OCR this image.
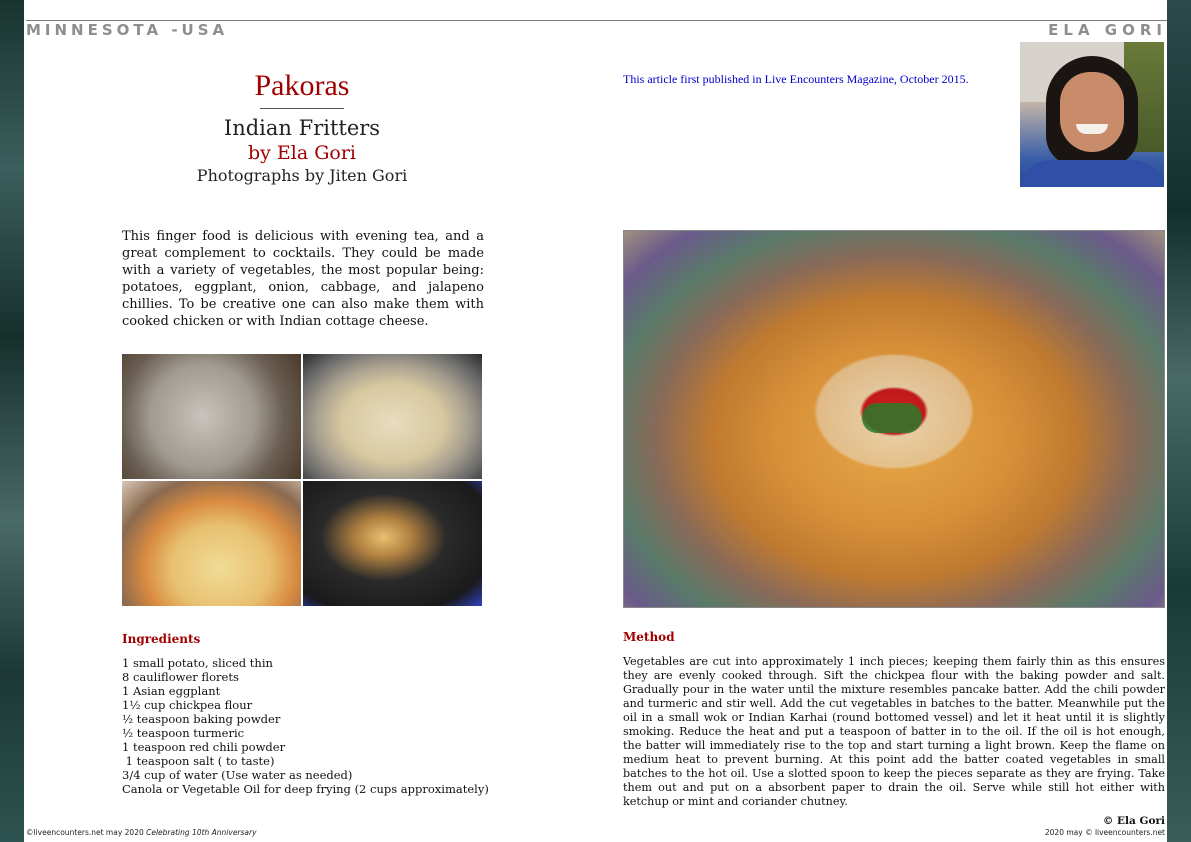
MINNESOTA -USA	ELA GORI
Pakoras
Indian Fritters
by Ela Gori
Photographs by Jiten Gori
This article first published in Live Encounters Magazine, October 2015.

This finger food is delicious with evening tea, and a great complement to cocktails. They could be made with a variety of vegetables, the most popular being: potatoes, eggplant, onion, cabbage, and jalapeno chillies. To be creative one can also make them with cooked chicken or with Indian cottage cheese.

Ingredients
1 small potato, sliced thin
8 cauliflower florets
1 Asian eggplant
1½ cup chickpea flour
½ teaspoon baking powder
½ teaspoon turmeric
1 teaspoon red chili powder
1 teaspoon salt ( to taste)
3/4 cup of water (Use water as needed)
Canola or Vegetable Oil for deep frying (2 cups approximately)
Method

Vegetables are cut into approximately 1 inch pieces; keeping them fairly thin as this ensures they are evenly cooked through. Sift the chickpea flour with the baking powder and salt. Gradually pour in the water until the mixture resembles pancake batter. Add the chili powder and turmeric and stir well. Add the cut vegetables in batches to the batter. Meanwhile put the oil in a small wok or Indian Karhai (round bottomed vessel) and let it heat until it is slightly smoking. Reduce the heat and put a teaspoon of batter in to the oil. If the oil is hot enough, the batter will immediately rise to the top and start turning a light brown. Keep the flame on medium heat to prevent burning. At this point add the batter coated vegetables in small batches to the hot oil. Use a slotted spoon to keep the pieces separate as they are frying. Take them out and put on a absorbent paper to drain the oil. Serve while still hot either with ketchup or mint and coriander chutney.

© Ela Gori
©liveencounters.net may 2020 Celebrating 10th Anniversary	2020 may © liveencounters.net
